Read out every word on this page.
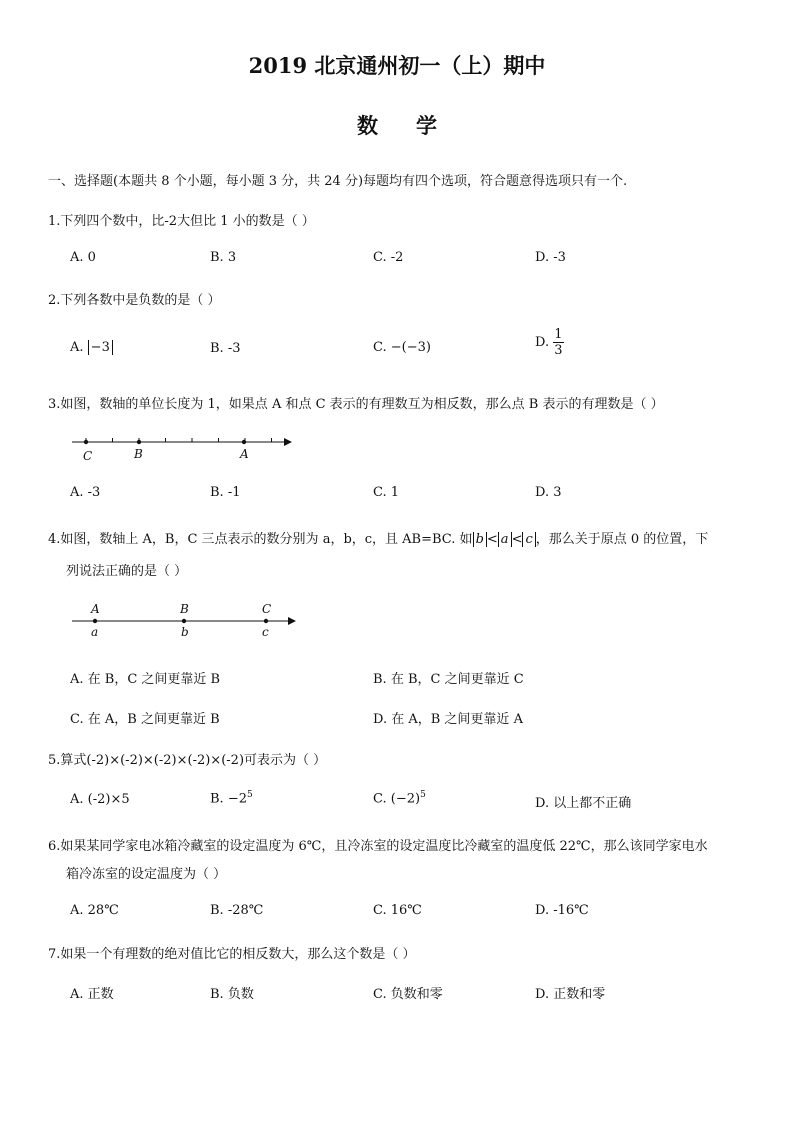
2019 北京通州初一（上）期中
数学
一、选择题(本题共 8 个小题，每小题 3 分，共 24 分)每题均有四个选项，符合题意得选项只有一个.
1.下列四个数中，比-2大但比 1 小的数是（ ）
A. 0	B. 3	C. -2	D. -3
2.下列各数中是负数的是（ ）
A. −3	B. -3	C. −(−3)	D. $\frac{1}{3}$
3.如图，数轴的单位长度为 1，如果点 A 和点 C 表示的有理数互为相反数，那么点 B 表示的有理数是（ ）
C	B	A
A. -3	B. -1	C. 1	D. 3
4.如图，数轴上 A，B，C 三点表示的数分别为 a，b，c，且 AB=BC. 如 b < a < c ，那么关于原点 0 的位置，下
列说法正确的是（ ）
A	B	C
a	b	c
A. 在 B，C 之间更靠近 B	B. 在 B，C 之间更靠近 C
C. 在 A，B 之间更靠近 B	D. 在 A，B 之间更靠近 A
5.算式(-2)×(-2)×(-2)×(-2)×(-2)可表示为（ ）
A. (-2)×5	B. $-2^5$	C. $(-2)^5$
D. 以上都不正确
6.如果某同学家电冰箱冷藏室的设定温度为 6℃，且冷冻室的设定温度比冷藏室的温度低 22℃，那么该同学家电水
箱冷冻室的设定温度为（ ）
A. 28℃	B. -28℃	C. 16℃	D. -16℃
7.如果一个有理数的绝对值比它的相反数大，那么这个数是（ ）
A. 正数	B. 负数	C. 负数和零	D. 正数和零
